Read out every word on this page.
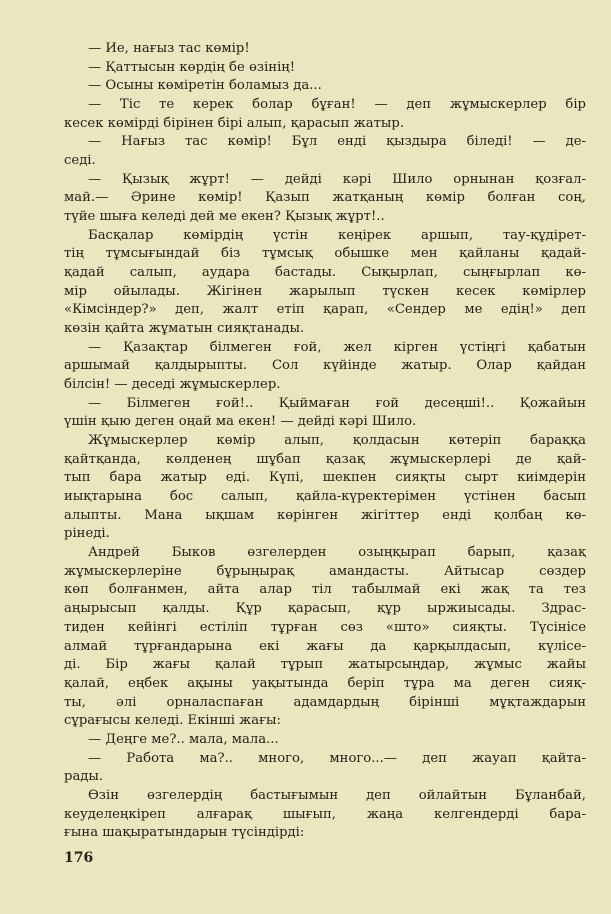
— Ие, нағыз тас көмір!
— Қаттысын көрдің бе өзінің!
— Осыны көміретін боламыз да...
— Тіс те керек болар бұған! — деп жұмыскерлер бір
кесек көмірді бірінен бірі алып, қарасып жатыр.
— Нағыз тас көмір! Бұл енді қыздыра біледі! — де-
седі.
— Қызық жұрт! — дейді кәрі Шило орнынан қозғал-
май.— Әрине көмір! Қазып жатқаның көмір болған соң,
түйе шыға келеді дей ме екен? Қызық жұрт!..
Басқалар көмірдің үстін кеңірек аршып, тау-құдірет-
тің тұмсығындай біз тұмсық обышке мен қайланы қадай-
қадай салып, аудара бастады. Сықырлап, сыңғырлап кө-
мір ойылады. Жігінен жарылып түскен кесек көмірлер
«Кімсіндер?» деп, жалт етіп қарап, «Сендер ме едің!» деп
көзін қайта жұматын сияқтанады.
— Қазақтар білмеген ғой, жел кірген үстіңгі қабатын
аршымай қалдырыпты. Сол күйінде жатыр. Олар қайдан
білсін! — деседі жұмыскерлер.
— Білмеген ғой!.. Қыймаған ғой десеңші!.. Қожайын
үшін қыю деген оңай ма екен! — дейді кәрі Шило.
Жұмыскерлер көмір алып, қолдасын көтеріп бараққа
қайтқанда, көлденең шұбап қазақ жұмыскерлері де қай-
тып бара жатыр еді. Күпі, шекпен сияқты сырт киімдерін
иықтарына бос салып, қайла-күректерімен үстінен басып
алыпты. Мана ықшам көрінген жігіттер енді қолбаң кө-
рінеді.
Андрей Быков өзгелерден озыңқырап барып, қазақ
жұмыскерлеріне бұрыңырақ амандасты. Айтысар сөздер
көп болғанмен, айта алар тіл табылмай екі жақ та тез
аңырысып қалды. Құр қарасып, құр ыржиысады. Здрас-
тиден кейінгі естіліп тұрған сөз «што» сияқты. Түсінісе
алмай тұрғандарына екі жағы да қарқылдасып, күлісе-
ді. Бір жағы қалай тұрып жатырсыңдар, жұмыс жайы
қалай, еңбек ақыны уақытында беріп тұра ма деген сияқ-
ты, әлі орналаспаған адамдардың бірінші мұқтаждарын
сұрағысы келеді. Екінші жағы:
— Деңге ме?.. мала, мала...
— Работа ма?.. много, много...— деп жауап қайта-
рады.
Өзін өзгелердің бастығымын деп ойлайтын Бұланбай,
кеуделеңкіреп алғарақ шығып, жаңа келгендерді бара-
ғына шақыратындарын түсіндірді:
176
